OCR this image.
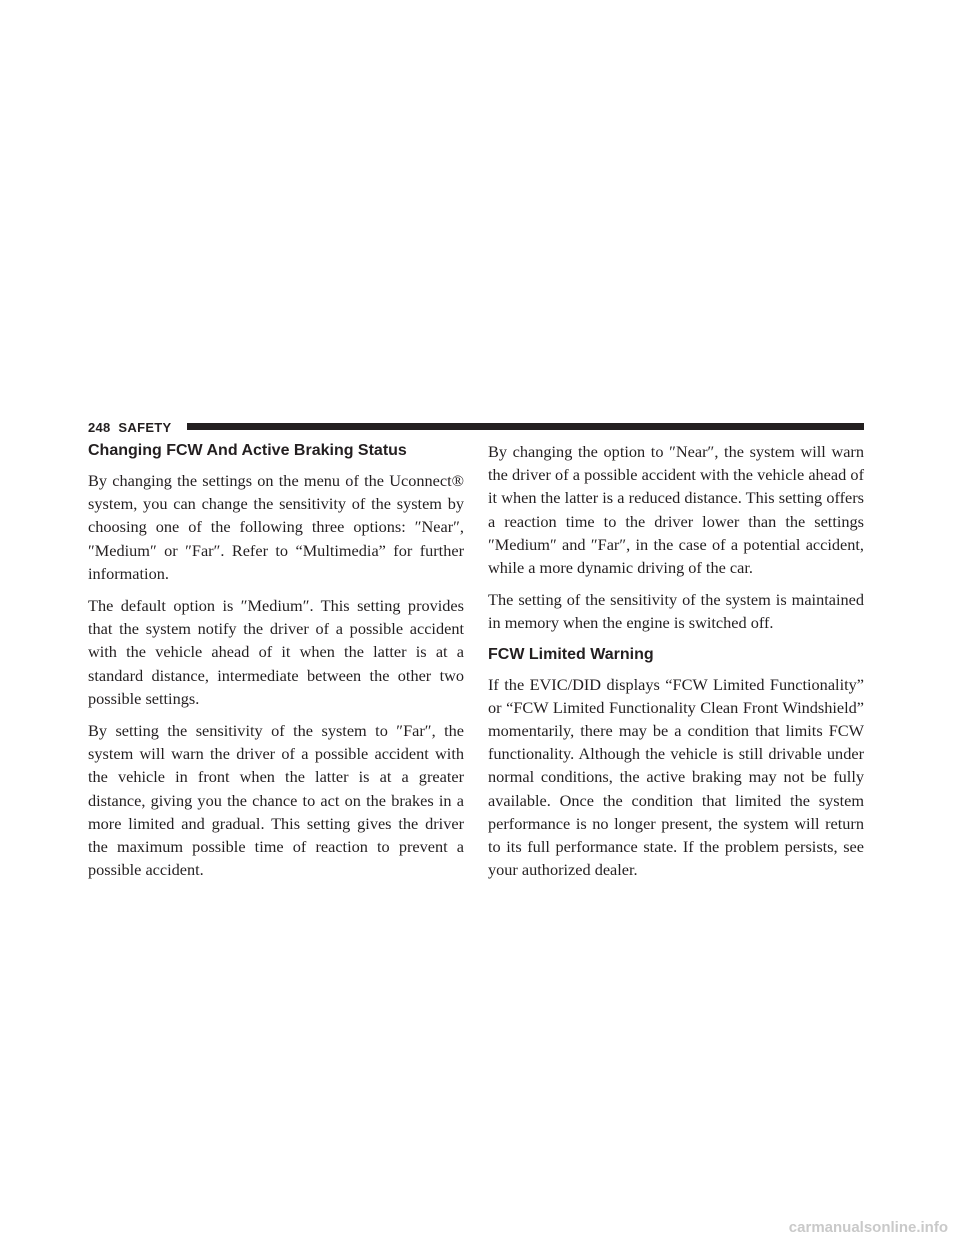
248 SAFETY
Changing FCW And Active Braking Status

By changing the settings on the menu of the Uconnect® system, you can change the sensitivity of the system by choosing one of the following three options: ″Near″, ″Medium″ or ″Far″. Refer to “Multimedia” for further information.

The default option is ″Medium″. This setting provides that the system notify the driver of a possible accident with the vehicle ahead of it when the latter is at a standard distance, intermediate between the other two possible settings.

By setting the sensitivity of the system to ″Far″, the system will warn the driver of a possible accident with the vehicle in front when the latter is at a greater distance, giving you the chance to act on the brakes in a more limited and gradual. This setting gives the driver the maximum possible time of reaction to prevent a possible accident.

By changing the option to ″Near″, the system will warn the driver of a possible accident with the vehicle ahead of it when the latter is a reduced distance. This setting offers a reaction time to the driver lower than the settings ″Medium″ and ″Far″, in the case of a potential accident, while a more dynamic driving of the car.

The setting of the sensitivity of the system is maintained in memory when the engine is switched off.

FCW Limited Warning

If the EVIC/DID displays “FCW Limited Functionality” or “FCW Limited Functionality Clean Front Windshield” momentarily, there may be a condition that limits FCW functionality. Although the vehicle is still drivable under normal conditions, the active braking may not be fully available. Once the condition that limited the system performance is no longer present, the system will return to its full performance state. If the problem persists, see your authorized dealer.

carmanualsonline.info
